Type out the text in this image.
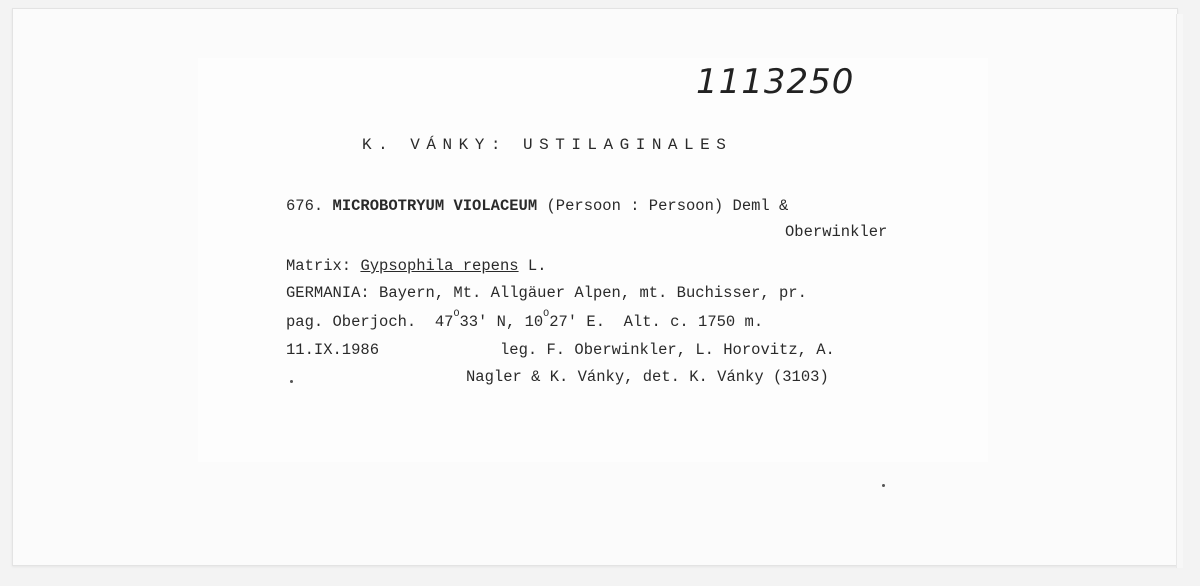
1113250
K. VÁNKY: USTILAGINALES
676. MICROBOTRYUM VIOLACEUM (Persoon : Persoon) Deml &
Oberwinkler
Matrix: Gypsophila repens L.
GERMANIA: Bayern, Mt. Allgäuer Alpen, mt. Buchisser, pr.
pag. Oberjoch.  $47^O33'$ N, $10^O27'$ E.  Alt. c. 1750 m.
11.IX.1986	leg. F. Oberwinkler, L. Horovitz, A.
Nagler & K. Vánky, det. K. Vánky (3103)
